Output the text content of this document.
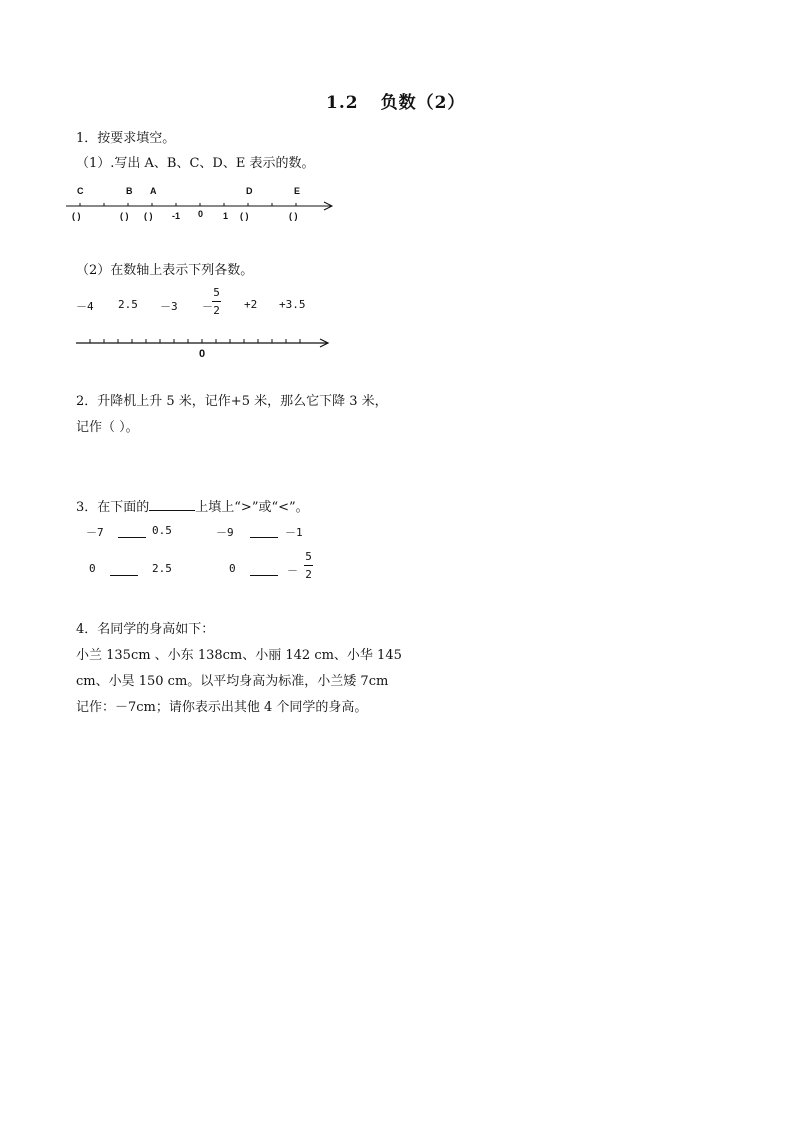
1.2 负数（2）
1．按要求填空。
（1）.写出 A、B、C、D、E 表示的数。
C	B A	D	E
( )	( ) ( ) -1 0 1 ( )	( )
（2）在数轴上表示下列各数。
－4 2.5 －3 －
5
2 +2 +3.5
0
2．升降机上升 5 米，记作+5 米，那么它下降 3 米，
记作（ ）。
3．在下面的	上填上“>”或“<”。
－7	0.5	－9	－1
0	2.5	0	－
5
2
4．名同学的身高如下：
小兰 135cm 、小东 138cm、小丽 142 cm、小华 145
cm、小昊 150 cm。以平均身高为标准，小兰矮 7cm
记作：－7cm；请你表示出其他 4 个同学的身高。
